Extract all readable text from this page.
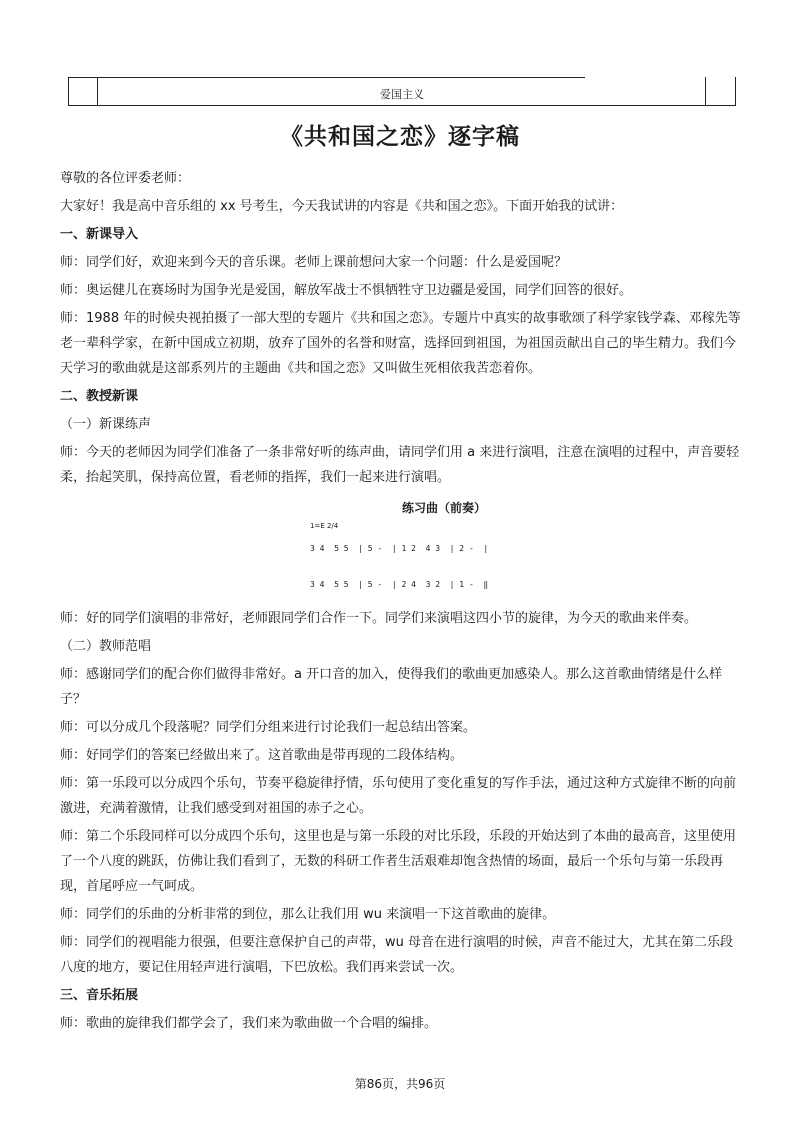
爱国主义
《共和国之恋》逐字稿

尊敬的各位评委老师：

大家好！我是高中音乐组的 xx 号考生，今天我试讲的内容是《共和国之恋》。下面开始我的试讲：

一、新课导入

师：同学们好，欢迎来到今天的音乐课。老师上课前想问大家一个问题：什么是爱国呢？

师：奥运健儿在赛场时为国争光是爱国，解放军战士不惧牺牲守卫边疆是爱国，同学们回答的很好。

师：1988 年的时候央视拍摄了一部大型的专题片《共和国之恋》。专题片中真实的故事歌颂了科学家钱学森、邓稼先等老一辈科学家，在新中国成立初期，放弃了国外的名誉和财富，选择回到祖国，为祖国贡献出自己的毕生精力。我们今天学习的歌曲就是这部系列片的主题曲《共和国之恋》又叫做生死相依我苦恋着你。

二、教授新课

（一）新课练声

师：今天的老师因为同学们准备了一条非常好听的练声曲，请同学们用 a 来进行演唱，注意在演唱的过程中，声音要轻柔，抬起笑肌，保持高位置，看老师的指挥，我们一起来进行演唱。

练习曲（前奏）
1=E 2/4
3 4  5 5  | 5 -  | 1 2  4 3  | 2 -  |
3 4  5 5  | 5 -  | 2 4  3 2  | 1 -  ‖

师：好的同学们演唱的非常好，老师跟同学们合作一下。同学们来演唱这四小节的旋律，为今天的歌曲来伴奏。

（二）教师范唱

师：感谢同学们的配合你们做得非常好。a 开口音的加入，使得我们的歌曲更加感染人。那么这首歌曲情绪是什么样子？

师：可以分成几个段落呢？同学们分组来进行讨论我们一起总结出答案。

师：好同学们的答案已经做出来了。这首歌曲是带再现的二段体结构。

师：第一乐段可以分成四个乐句，节奏平稳旋律抒情，乐句使用了变化重复的写作手法，通过这种方式旋律不断的向前激进，充满着激情，让我们感受到对祖国的赤子之心。

师：第二个乐段同样可以分成四个乐句，这里也是与第一乐段的对比乐段，乐段的开始达到了本曲的最高音，这里使用了一个八度的跳跃，仿佛让我们看到了，无数的科研工作者生活艰难却饱含热情的场面，最后一个乐句与第一乐段再现，首尾呼应一气呵成。

师：同学们的乐曲的分析非常的到位，那么让我们用 wu 来演唱一下这首歌曲的旋律。

师：同学们的视唱能力很强，但要注意保护自己的声带，wu 母音在进行演唱的时候，声音不能过大，尤其在第二乐段八度的地方，要记住用轻声进行演唱，下巴放松。我们再来尝试一次。

三、音乐拓展

师：歌曲的旋律我们都学会了，我们来为歌曲做一个合唱的编排。

第86页，共96页
